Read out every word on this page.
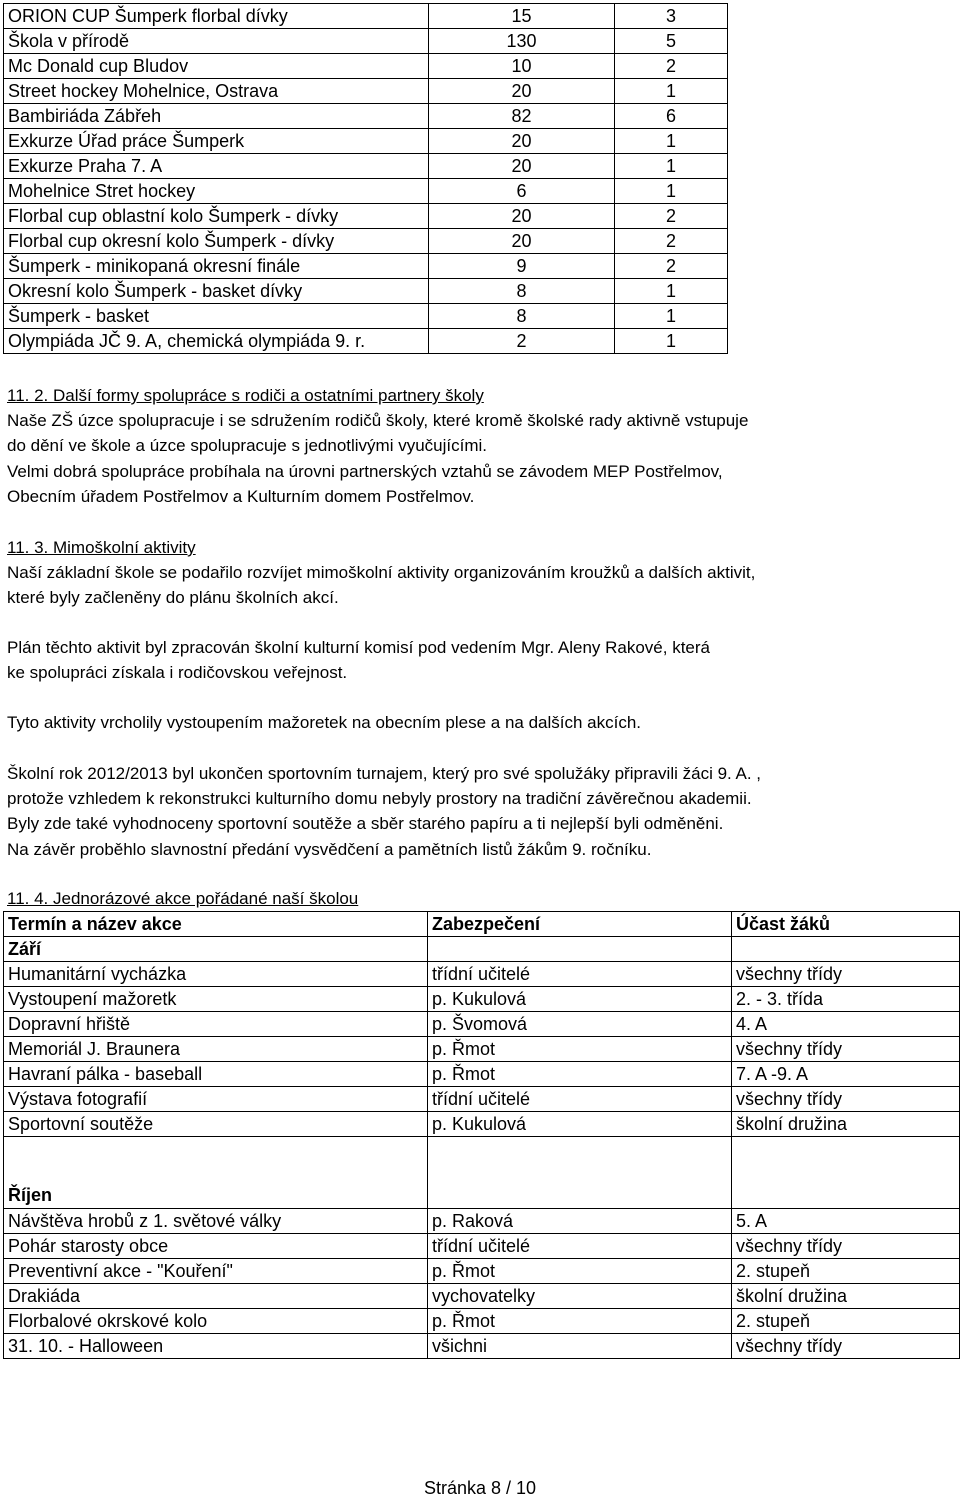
ORION CUP Šumperk florbal dívky	15	3
Škola v přírodě	130	5
Mc Donald cup Bludov	10	2
Street hockey Mohelnice, Ostrava	20	1
Bambiriáda Zábřeh	82	6
Exkurze Úřad práce Šumperk	20	1
Exkurze Praha 7. A	20	1
Mohelnice Stret hockey	6	1
Florbal cup oblastní kolo Šumperk - dívky	20	2
Florbal cup okresní kolo Šumperk - dívky	20	2
Šumperk - minikopaná okresní finále	9	2
Okresní kolo Šumperk - basket dívky	8	1
Šumperk - basket	8	1
Olympiáda JČ 9. A, chemická olympiáda 9. r.	2	1
11. 2. Další formy spolupráce s rodiči a ostatními partnery školy
Naše ZŠ úzce spolupracuje i se sdružením rodičů školy, které kromě školské rady aktivně vstupuje
do dění ve škole a úzce spolupracuje s jednotlivými vyučujícími.
Velmi dobrá spolupráce probíhala na úrovni partnerských vztahů se závodem MEP Postřelmov,
Obecním úřadem Postřelmov a Kulturním domem Postřelmov.
11. 3. Mimoškolní aktivity
Naší základní škole se podařilo rozvíjet mimoškolní aktivity organizováním kroužků a dalších aktivit,
které byly začleněny do plánu školních akcí.
Plán těchto aktivit byl zpracován školní kulturní komisí pod vedením Mgr. Aleny Rakové, která
ke spolupráci získala i rodičovskou veřejnost.
Tyto aktivity vrcholily vystoupením mažoretek na obecním plese a na dalších akcích.
Školní rok 2012/2013 byl ukončen sportovním turnajem, který pro své spolužáky připravili žáci 9. A. ,
protože vzhledem k rekonstrukci kulturního domu nebyly prostory na tradiční závěrečnou akademii.
Byly zde také vyhodnoceny sportovní soutěže a sběr starého papíru a ti nejlepší byli odměněni.
Na závěr proběhlo slavnostní předání vysvědčení a pamětních listů žákům 9. ročníku.
11. 4. Jednorázové akce pořádané naší školou
Termín a název akce	Zabezpečení	Účast žáků
Září		
Humanitární vycházka	třídní učitelé	všechny třídy
Vystoupení mažoretk	p. Kukulová	2. - 3. třída
Dopravní hřiště	p. Švomová	4. A
Memoriál J. Braunera	p. Řmot	všechny třídy
Havraní pálka - baseball	p. Řmot	7. A -9. A
Výstava fotografií	třídní učitelé	všechny třídy
Sportovní soutěže	p. Kukulová	školní družina

Říjen		
Návštěva hrobů z 1. světové války	p. Raková	5. A
Pohár starosty obce	třídní učitelé	všechny třídy
Preventivní akce - "Kouření"	p. Řmot	2. stupeň
Drakiáda	vychovatelky	školní družina
Florbalové okrskové kolo	p. Řmot	2. stupeň
31. 10. - Halloween	všichni	všechny třídy
Stránka 8 / 10
